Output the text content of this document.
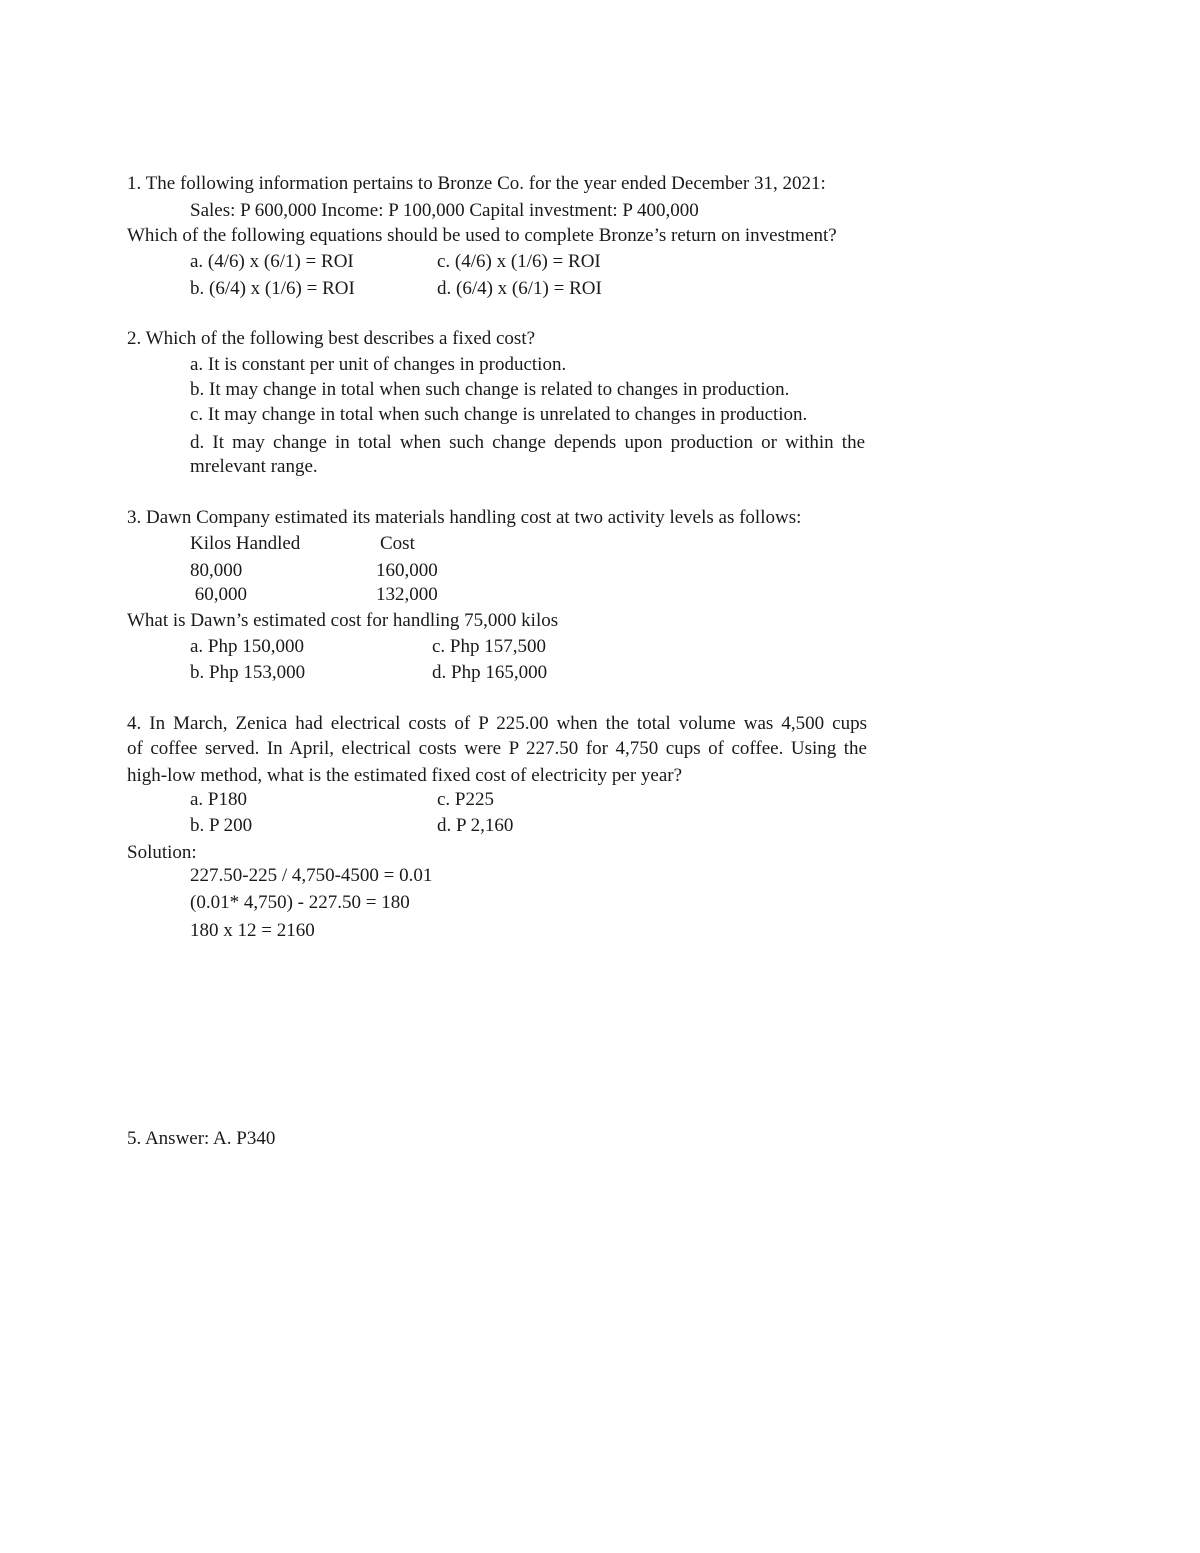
1. The following information pertains to Bronze Co. for the year ended December 31, 2021:
Sales: P 600,000 Income: P 100,000 Capital investment: P 400,000
Which of the following equations should be used to complete Bronze’s return on investment?
a. (4/6) x (6/1) = ROI	c. (4/6) x (1/6) = ROI
b. (6/4) x (1/6) = ROI	d. (6/4) x (6/1) = ROI
2. Which of the following best describes a fixed cost?
a. It is constant per unit of changes in production.
b. It may change in total when such change is related to changes in production.
c. It may change in total when such change is unrelated to changes in production.
d. It may change in total when such change depends upon production or within the
mrelevant range.
3. Dawn Company estimated its materials handling cost at two activity levels as follows:
Kilos Handled	Cost
80,000	160,000
60,000	132,000
What is Dawn’s estimated cost for handling 75,000 kilos
a. Php 150,000	c. Php 157,500
b. Php 153,000	d. Php 165,000
4. In March, Zenica had electrical costs of P 225.00 when the total volume was 4,500 cups
of coffee served. In April, electrical costs were P 227.50 for 4,750 cups of coffee. Using the
high-low method, what is the estimated fixed cost of electricity per year?
a. P180	c. P225
b. P 200	d. P 2,160
Solution:
227.50-225 / 4,750-4500 = 0.01
(0.01* 4,750) - 227.50 = 180
180 x 12 = 2160
5. Answer: A. P340
